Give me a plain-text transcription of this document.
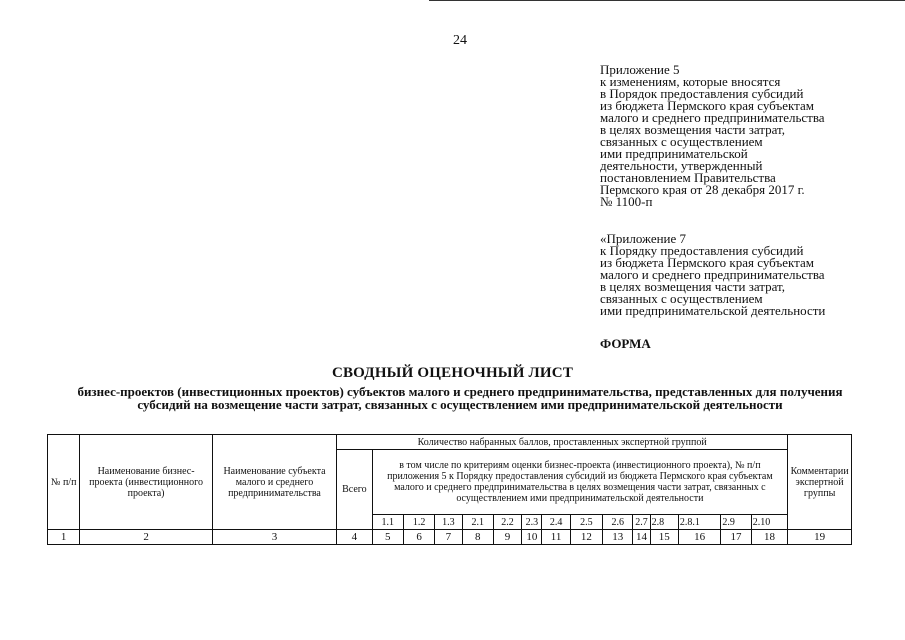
24
Приложение 5
к изменениям, которые вносятся
в Порядок предоставления субсидий
из бюджета Пермского края субъектам
малого и среднего предпринимательства
в целях возмещения части затрат,
связанных с осуществлением
ими предпринимательской
деятельности, утвержденный
постановлением Правительства
Пермского края от 28 декабря 2017 г.
№ 1100-п
«Приложение 7
к Порядку предоставления субсидий
из бюджета Пермского края субъектам
малого и среднего предпринимательства
в целях возмещения части затрат,
связанных с осуществлением
ими предпринимательской деятельности
ФОРМА
СВОДНЫЙ ОЦЕНОЧНЫЙ ЛИСТ
бизнес-проектов (инвестиционных проектов) субъектов малого и среднего предпринимательства, представленных для получения субсидий на возмещение части затрат, связанных с осуществлением ими предпринимательской деятельности
№ п/п	Наименование бизнес-проекта (инвестиционного проекта)	Наименование субъекта малого и среднего предпринимательства	Количество набранных баллов, проставленных экспертной группой															Комментарии экспертной группы
			Всего	в том числе по критериям оценки бизнес-проекта (инвестиционного проекта), № п/п приложения 5 к Порядку предоставления субсидий из бюджета Пермского края субъектам малого и среднего предпринимательства в целях возмещения части затрат, связанных с осуществлением ими предпринимательской деятельности														
				1.1	1.2	1.3	2.1	2.2	2.3	2.4	2.5	2.6	2.7	2.8	2.8.1	2.9	2.10	
1	2	3	4	5	6	7	8	9	10	11	12	13	14	15	16	17	18	19
